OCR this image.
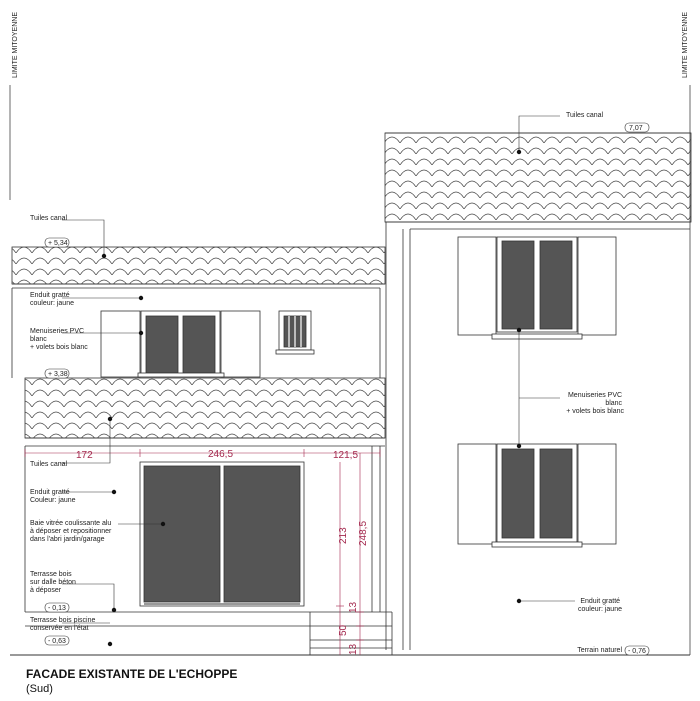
LIMITE MITOYENNE	LIMITE MITOYENNE
172	246,5	121,5
213 248,5
13
50
13
7,07
+ 5,34
+ 3,38
- 0,13
- 0,63
- 0,76
Tuiles canal
Tuiles canal
Enduit gratté couleur: jaune
Menuiseries PVC blanc + volets bois blanc
Tuiles canal
Enduit gratté Couleur: jaune
Baie vitrée coulissante alu à déposer et repositionner dans l'abri jardin/garage
Terrasse bois sur dalle béton à déposer
Terrasse bois piscine conservée en l'état
Menuiseries PVC blanc + volets bois blanc
Enduit gratté couleur: jaune
Terrain naturel
FACADE EXISTANTE DE L'ECHOPPE
(Sud)
